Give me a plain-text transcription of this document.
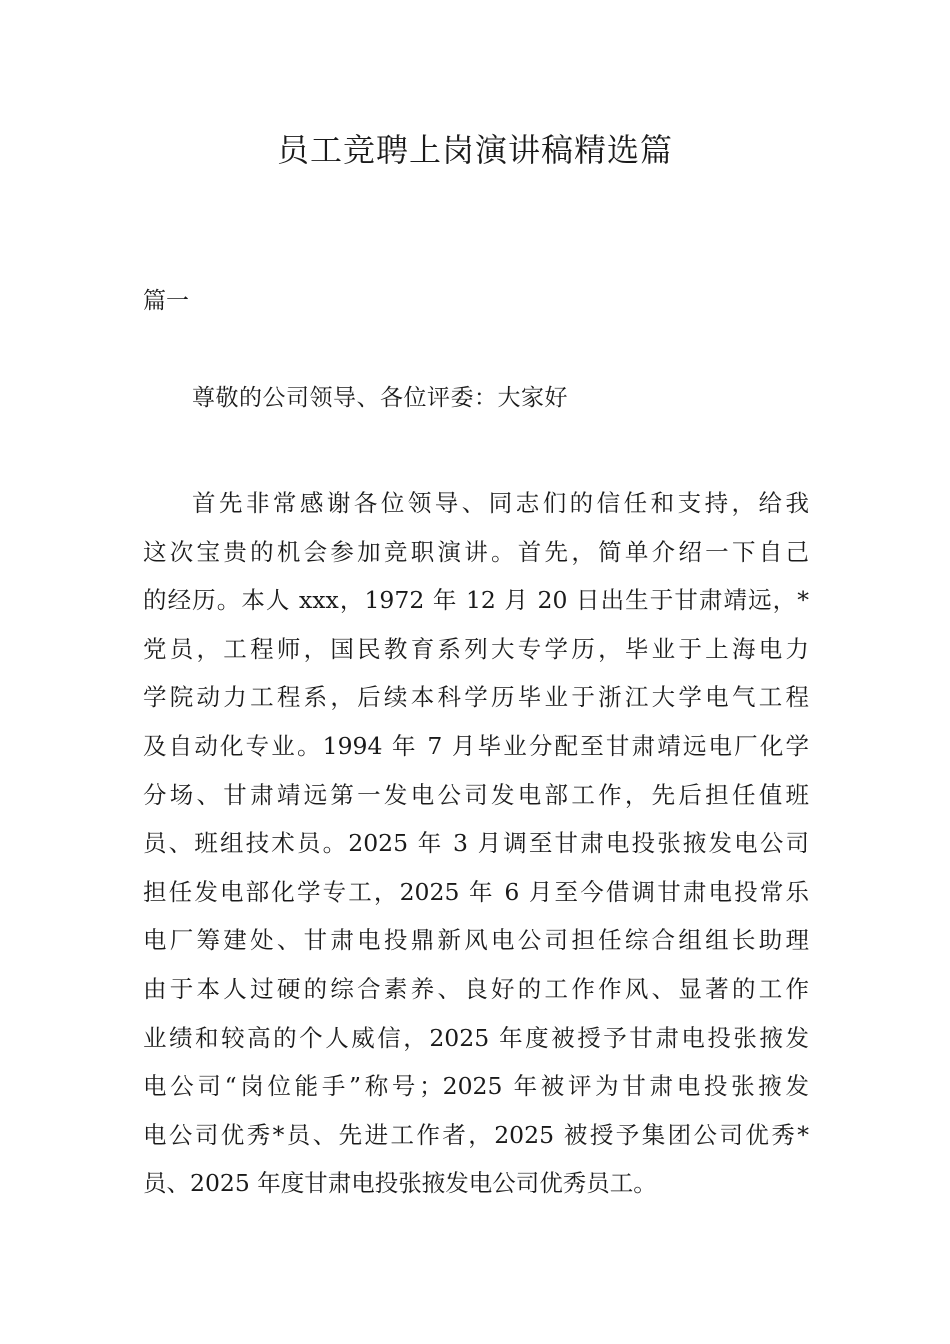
员工竞聘上岗演讲稿精选篇

篇一

尊敬的公司领导、各位评委：大家好

首先非常感谢各位领导、同志们的信任和支持，给我
这次宝贵的机会参加竞职演讲。首先，简单介绍一下自己
的经历。本人 xxx，1972 年 12 月 20 日出生于甘肃靖远，*
党员，工程师，国民教育系列大专学历，毕业于上海电力
学院动力工程系，后续本科学历毕业于浙江大学电气工程
及自动化专业。1994 年 7 月毕业分配至甘肃靖远电厂化学
分场、甘肃靖远第一发电公司发电部工作，先后担任值班
员、班组技术员。2025 年 3 月调至甘肃电投张掖发电公司
担任发电部化学专工，2025 年 6 月至今借调甘肃电投常乐
电厂筹建处、甘肃电投鼎新风电公司担任综合组组长助理
由于本人过硬的综合素养、良好的工作作风、显著的工作
业绩和较高的个人威信，2025 年度被授予甘肃电投张掖发
电公司“岗位能手”称号；2025 年被评为甘肃电投张掖发
电公司优秀*员、先进工作者，2025 被授予集团公司优秀*
员、2025 年度甘肃电投张掖发电公司优秀员工。
